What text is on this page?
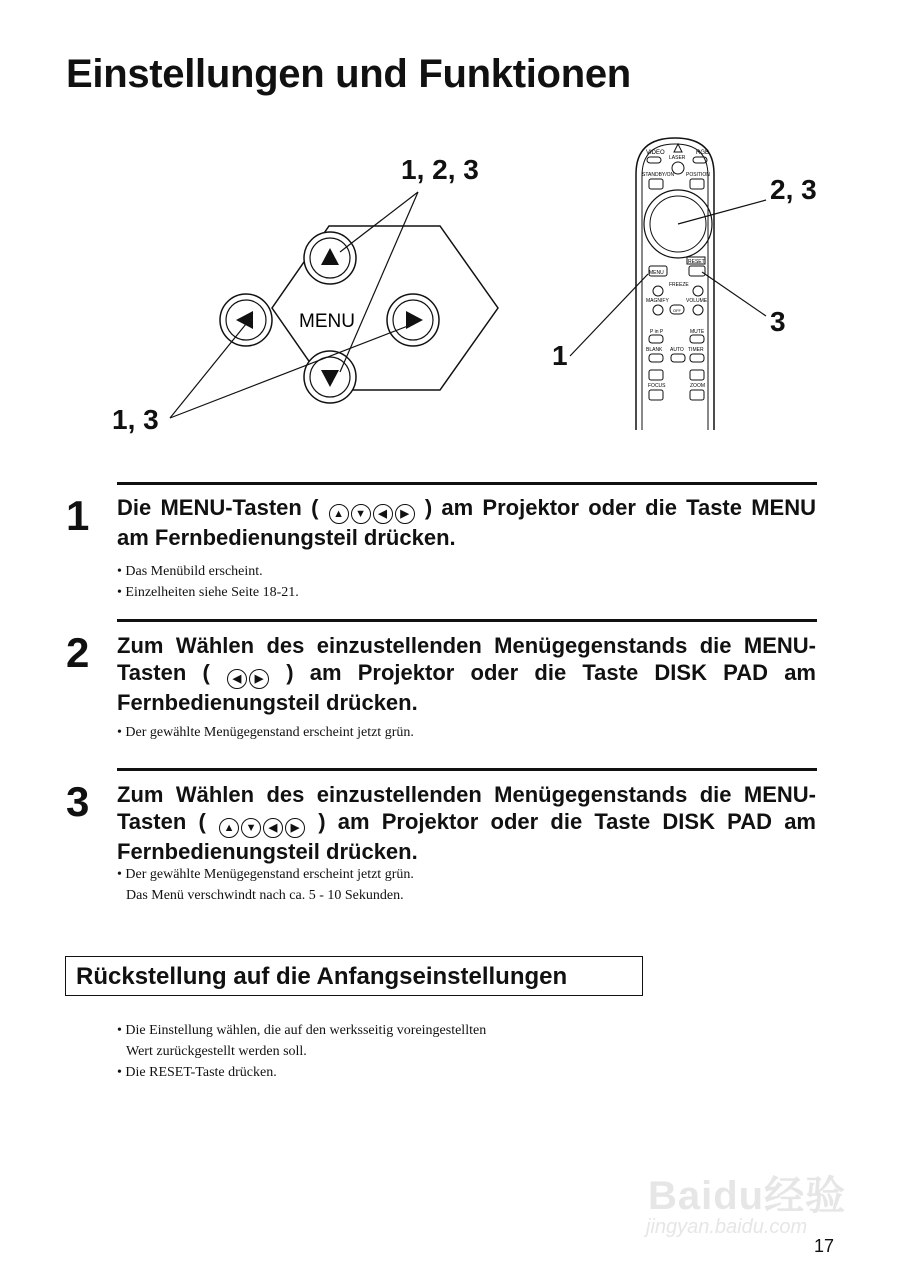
Einstellungen und Funktionen
MENU
1, 2, 3
1, 3
VIDEO
LASER
RGB
STANDBY/ON POSITION
RESET
MENU
FREEZE
MAGNIFY	VOLUME
OFF
P in P	MUTE
BLANK AUTO TIMER
FOCUS	ZOOM
2, 3
3
1
1 Die MENU-Tasten ( ▲ ▼ ◀ ▶ ) am Projektor oder die Taste MENU am Fernbedienungsteil drücken.
• Das Menübild erscheint.
• Einzelheiten siehe Seite 18-21.
2 Zum Wählen des einzustellenden Menügegenstands die MENU-Tasten ( ◀ ▶ ) am Projektor oder die Taste DISK PAD am Fernbedienungsteil drücken.
• Der gewählte Menügegenstand erscheint jetzt grün.
3 Zum Wählen des einzustellenden Menügegenstands die MENU-Tasten ( ▲ ▼ ◀ ▶ ) am Projektor oder die Taste DISK PAD am Fernbedienungsteil drücken.
• Der gewählte Menügegenstand erscheint jetzt grün.
Das Menü verschwindt nach ca. 5 - 10 Sekunden.
Rückstellung auf die Anfangseinstellungen
• Die Einstellung wählen, die auf den werksseitig voreingestellten
Wert zurückgestellt werden soll.
• Die RESET-Taste drücken.
Baidu经验
jingyan.baidu.com
17
